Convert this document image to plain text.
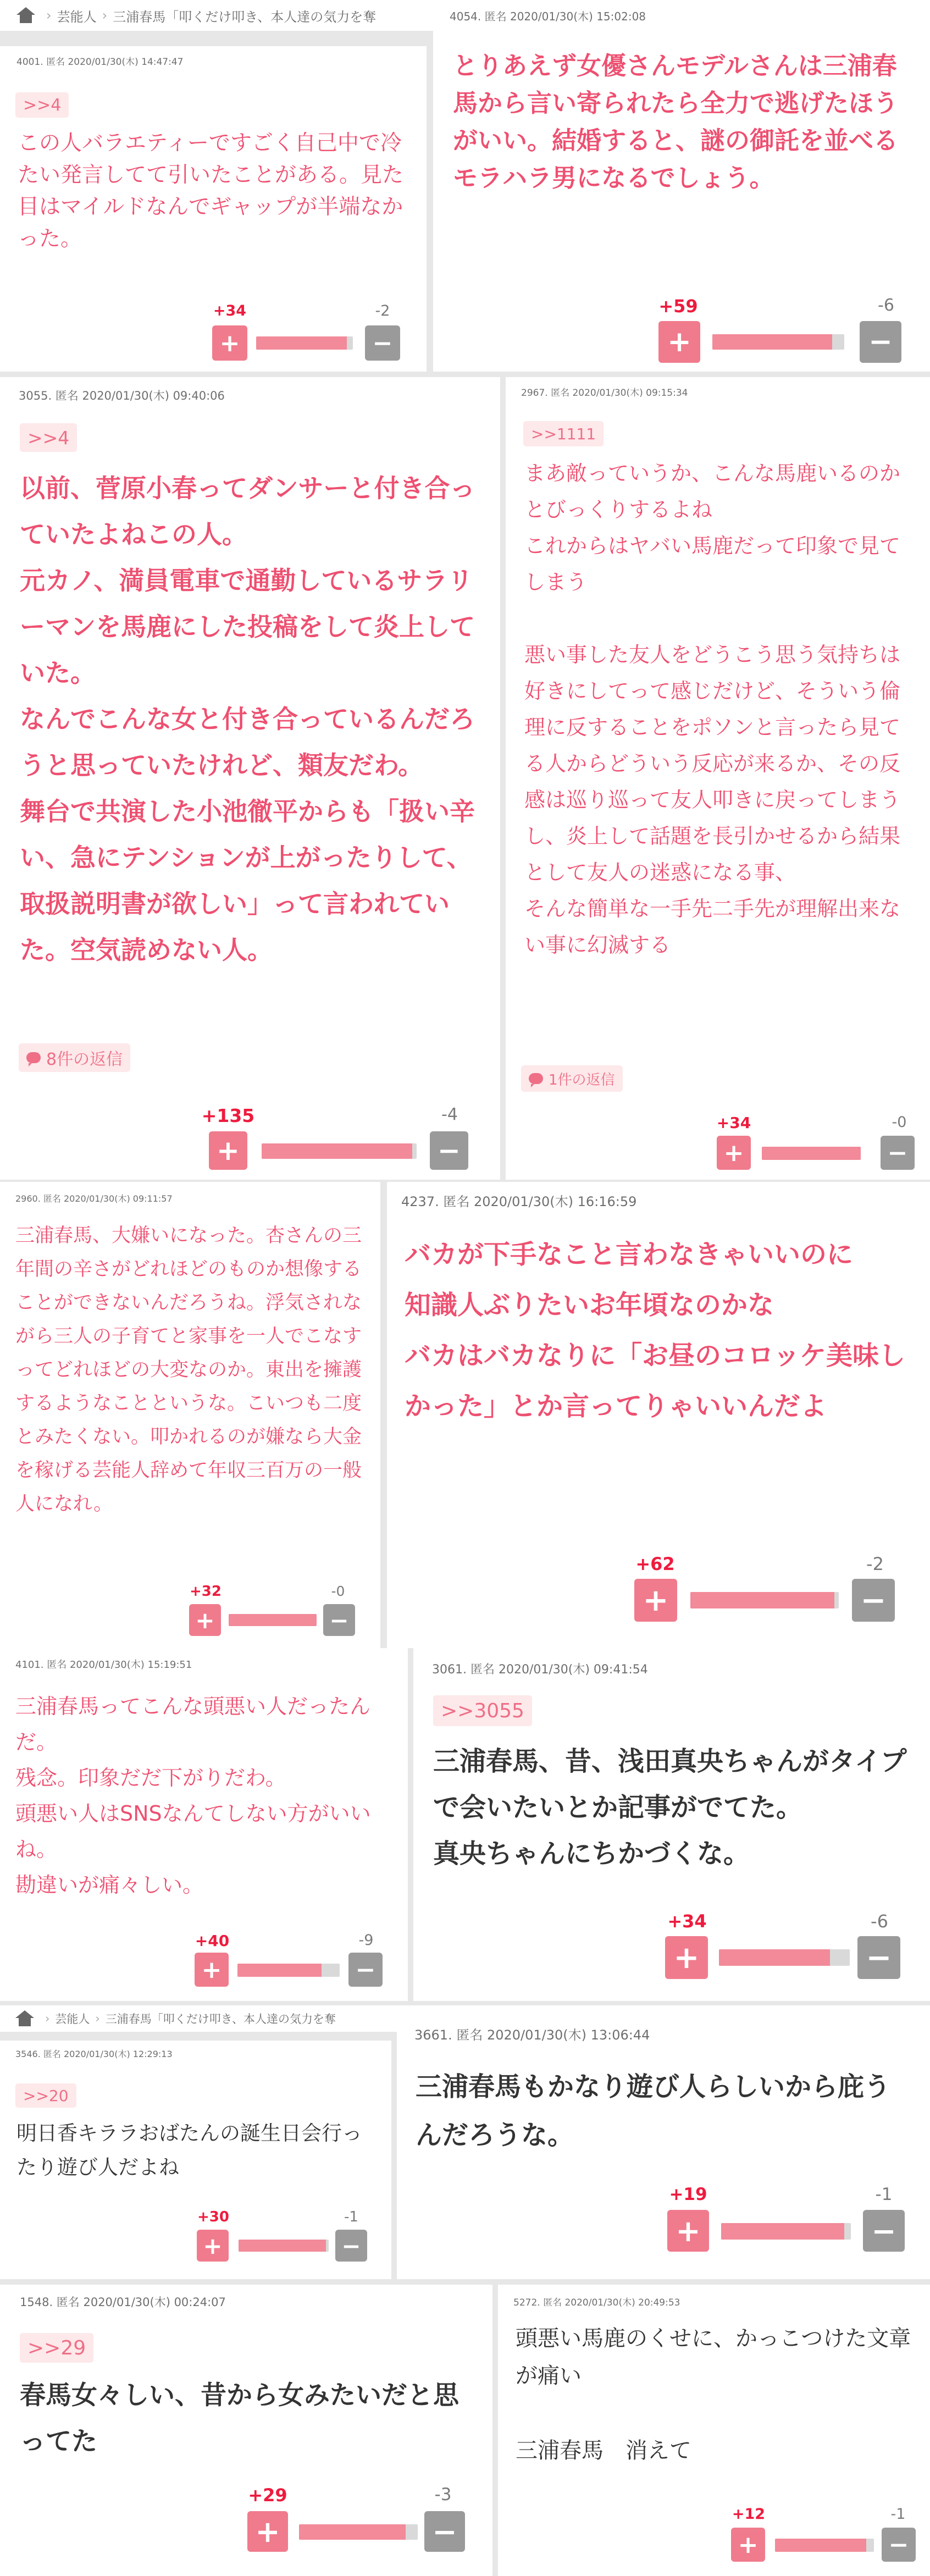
› 芸能人 › 三浦春馬「叩くだけ叩き、本人達の気力を奪
4001. 匿名 2020/01/30(木) 14:47:47
>>4

この人バラエティーですごく自己中で冷たい発言してて引いたことがある。見た目はマイルドなんでギャップが半端なかった。

+34	-2
+	−
4054. 匿名 2020/01/30(木) 15:02:08

とりあえず女優さんモデルさんは三浦春馬から言い寄られたら全力で逃げたほうがいい。結婚すると、謎の御託を並べるモラハラ男になるでしょう。

+59	-6
+	−
3055. 匿名 2020/01/30(木) 09:40:06
>>4

以前、菅原小春ってダンサーと付き合っていたよねこの人。
元カノ、満員電車で通勤しているサラリーマンを馬鹿にした投稿をして炎上していた。
なんでこんな女と付き合っているんだろうと思っていたけれど、類友だわ。
舞台で共演した小池徹平からも「扱い辛い、急にテンションが上がったりして、取扱説明書が欲しい」って言われていた。空気読めない人。

8件の返信
+135	-4
+	−
2967. 匿名 2020/01/30(木) 09:15:34
>>1111

まあ敵っていうか、こんな馬鹿いるのかとびっくりするよね
これからはヤバい馬鹿だって印象で見てしまう

悪い事した友人をどうこう思う気持ちは好きにしてって感じだけど、そういう倫理に反することをポソンと言ったら見てる人からどういう反応が来るか、その反感は巡り巡って友人叩きに戻ってしまうし、炎上して話題を長引かせるから結果として友人の迷惑になる事、
そんな簡単な一手先二手先が理解出来ない事に幻滅する

1件の返信
+34	-0
+	−
2960. 匿名 2020/01/30(木) 09:11:57

三浦春馬、大嫌いになった。杏さんの三年間の辛さがどれほどのものか想像することができないんだろうね。浮気されながら三人の子育てと家事を一人でこなすってどれほどの大変なのか。東出を擁護するようなことというな。こいつも二度とみたくない。叩かれるのが嫌なら大金を稼げる芸能人辞めて年収三百万の一般人になれ。

+32	-0
+	−
4237. 匿名 2020/01/30(木) 16:16:59

バカが下手なこと言わなきゃいいのに
知識人ぶりたいお年頃なのかな
バカはバカなりに「お昼のコロッケ美味しかった」とか言ってりゃいいんだよ

+62	-2
+	−
4101. 匿名 2020/01/30(木) 15:19:51

三浦春馬ってこんな頭悪い人だったんだ。
残念。印象だだ下がりだわ。
頭悪い人はSNSなんてしない方がいいね。
勘違いが痛々しい。

+40	-9
+	−
3061. 匿名 2020/01/30(木) 09:41:54
>>3055

三浦春馬、昔、浅田真央ちゃんがタイプで会いたいとか記事がでてた。
真央ちゃんにちかづくな。

+34	-6
+	−
› 芸能人 › 三浦春馬「叩くだけ叩き、本人達の気力を奪
3546. 匿名 2020/01/30(木) 12:29:13
>>20

明日香キララおばたんの誕生日会行ったり遊び人だよね

+30	-1
+	−
3661. 匿名 2020/01/30(木) 13:06:44

三浦春馬もかなり遊び人らしいから庇うんだろうな。

+19	-1
+	−
1548. 匿名 2020/01/30(木) 00:24:07
>>29

春馬女々しい、昔から女みたいだと思ってた

+29	-3
+	−
5272. 匿名 2020/01/30(木) 20:49:53

頭悪い馬鹿のくせに、かっこつけた文章が痛い

三浦春馬　消えて

+12	-1
+	−
